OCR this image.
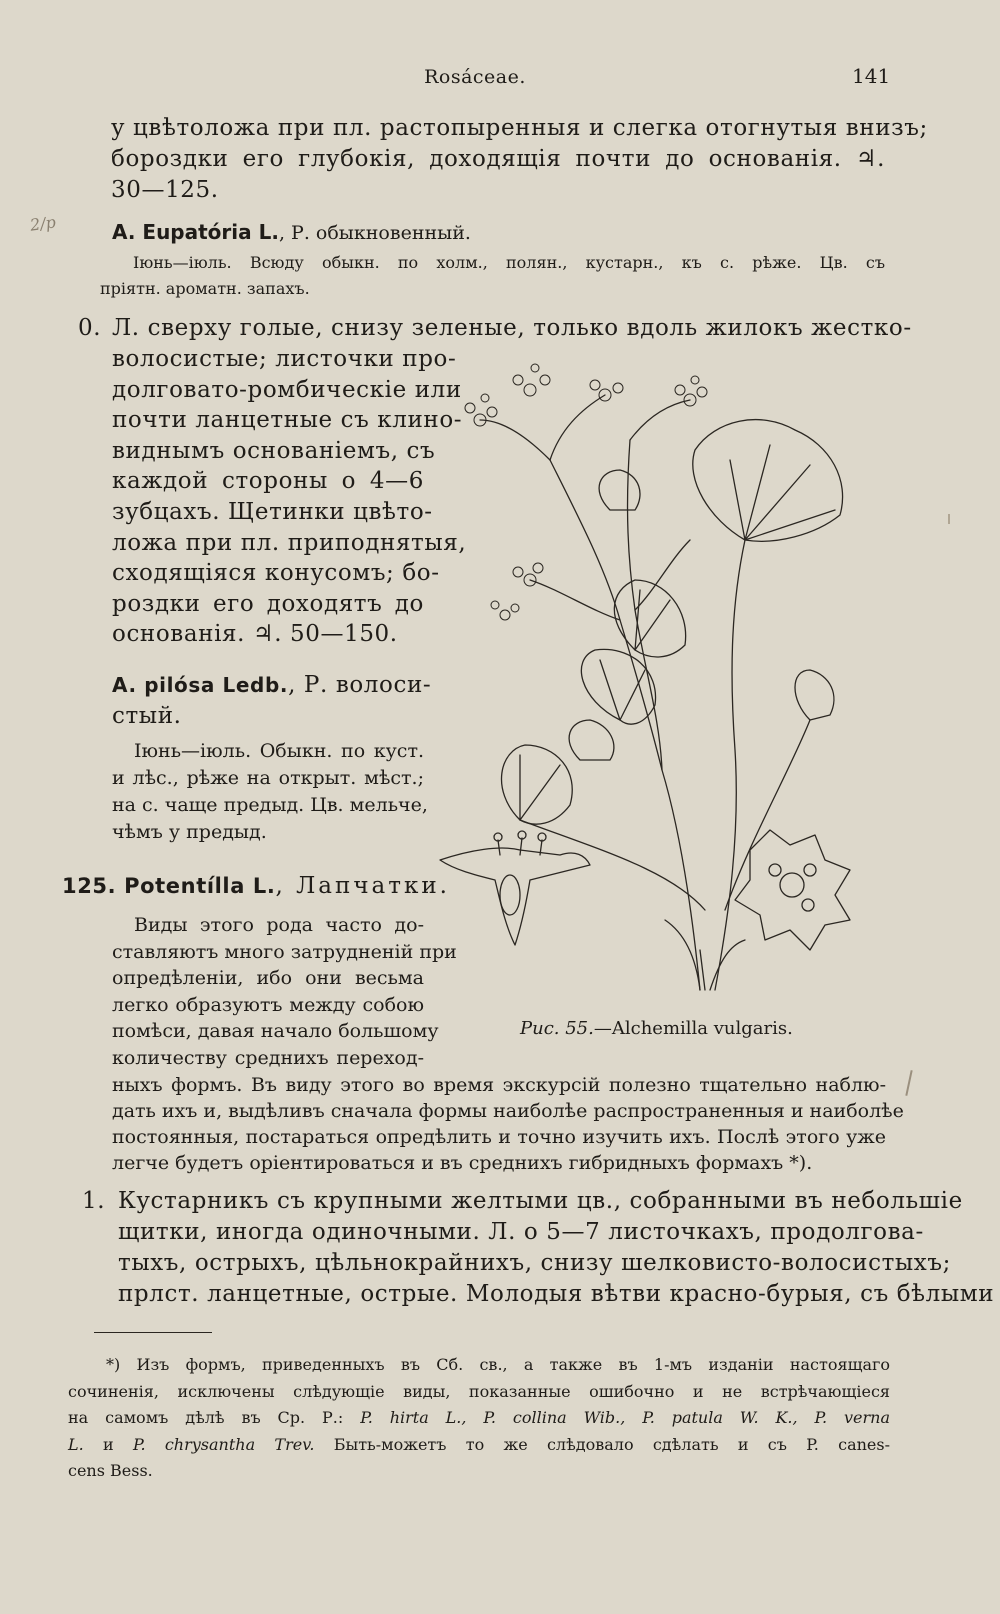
Rosáceae.	141
2/р
у цвѣтоложа при пл. растопыренныя и слегка отогнутыя внизъ;
бороздки его глубокія, доходящія почти до основанія. ♃.
30—125.
A. Eupatória L., Р. обыкновенный.
Іюнь—іюль. Всюду обыкн. по холм., полян., кустарн., къ с. рѣже. Цв. съ
пріятн. ароматн. запахъ.
0. Л. сверху голые, снизу зеленые, только вдоль жилокъ жестко-
волосистые; листочки про-
долговато-ромбическіе или
почти ланцетные съ клино-
виднымъ основаніемъ, съ
каждой стороны о 4—6
зубцахъ. Щетинки цвѣто-
ложа при пл. приподнятыя,
сходящіяся конусомъ; бо-
роздки его доходятъ до
основанія. ♃. 50—150.
A. pilósa Ledb., Р. волоси-
стый.
Іюнь—іюль. Обыкн. по куст.
и лѣс., рѣже на открыт. мѣст.;
на с. чаще предыд. Цв. мельче,
чѣмъ у предыд.
125. Potentílla L., Лапчатки.
Виды этого рода часто до-
ставляютъ много затрудненій при
опредѣленіи, ибо они весьма
легко образуютъ между собою
помѣси, давая начало большому
количеству среднихъ переход-
ныхъ формъ. Въ виду этого во время экскурсій полезно тщательно наблю-
дать ихъ и, выдѣливъ сначала формы наиболѣе распространенныя и наиболѣе
постоянныя, постараться опредѣлить и точно изучить ихъ. Послѣ этого уже
легче будетъ оріентироваться и въ среднихъ гибридныхъ формахъ *).
Рис. 55.—Alchemilla vulgaris.
1. Кустарникъ съ крупными желтыми цв., собранными въ небольшіе
щитки, иногда одиночными. Л. о 5—7 листочкахъ, продолгова-
тыхъ, острыхъ, цѣльнокрайнихъ, снизу шелковисто-волосистыхъ;
прлст. ланцетные, острые. Молодыя вѣтви красно-бурыя, съ бѣлыми
*) Изъ формъ, приведенныхъ въ Сб. св., а также въ 1-мъ изданіи настоящаго
сочиненія, исключены слѣдующіе виды, показанные ошибочно и не встрѣчающіеся
на самомъ дѣлѣ въ Ср. Р.: P. hirta L., P. collina Wib., P. patula W. K., P. verna
L. и P. chrysantha Trev. Быть-можетъ то же слѣдовало сдѣлать и съ P. canes-
cens Bess.
